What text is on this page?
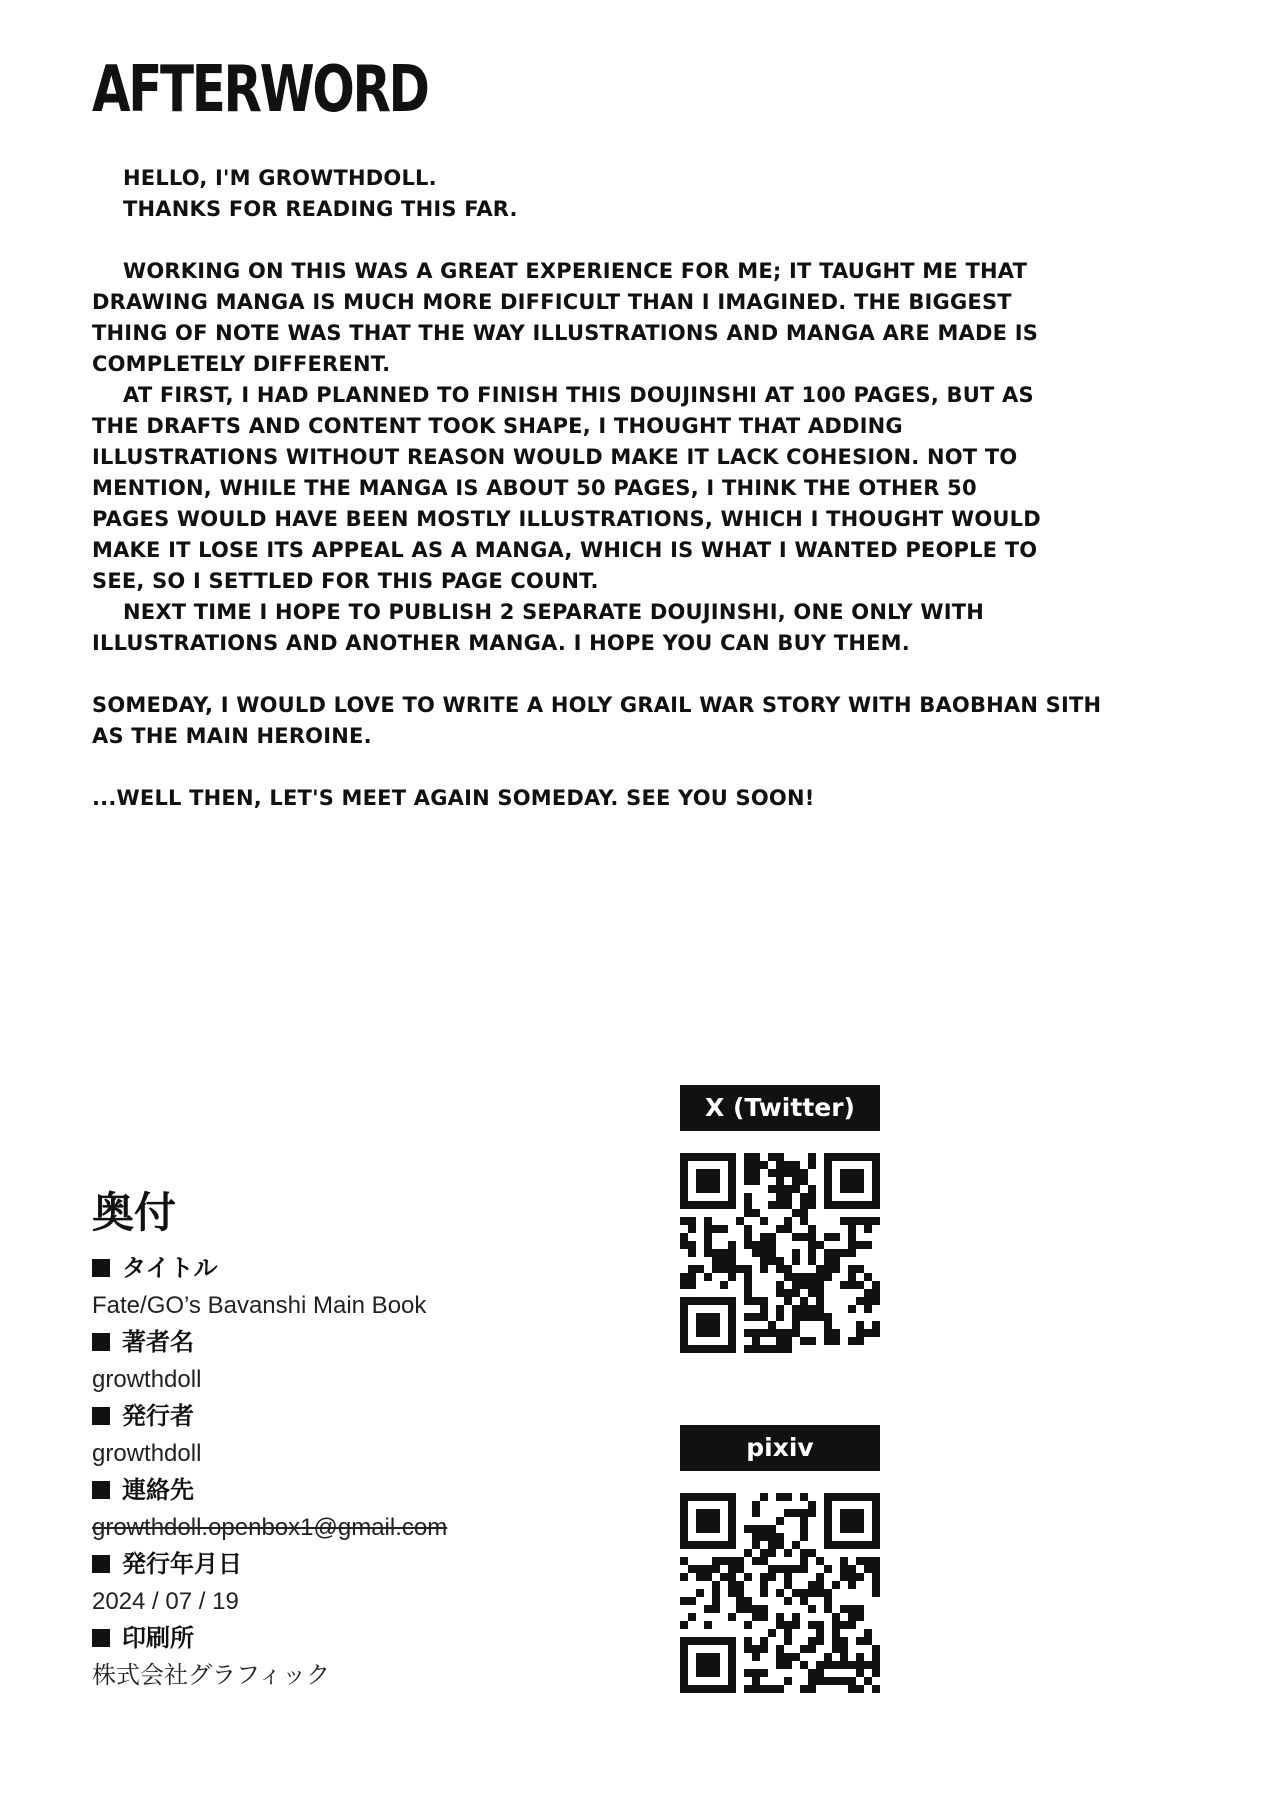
AFTERWORD

HELLO, I'M GROWTHDOLL.

THANKS FOR READING THIS FAR.

WORKING ON THIS WAS A GREAT EXPERIENCE FOR ME; IT TAUGHT ME THAT

DRAWING MANGA IS MUCH MORE DIFFICULT THAN I IMAGINED. THE BIGGEST

THING OF NOTE WAS THAT THE WAY ILLUSTRATIONS AND MANGA ARE MADE IS

COMPLETELY DIFFERENT.

AT FIRST, I HAD PLANNED TO FINISH THIS DOUJINSHI AT 100 PAGES, BUT AS

THE DRAFTS AND CONTENT TOOK SHAPE, I THOUGHT THAT ADDING

ILLUSTRATIONS WITHOUT REASON WOULD MAKE IT LACK COHESION. NOT TO

MENTION, WHILE THE MANGA IS ABOUT 50 PAGES, I THINK THE OTHER 50

PAGES WOULD HAVE BEEN MOSTLY ILLUSTRATIONS, WHICH I THOUGHT WOULD

MAKE IT LOSE ITS APPEAL AS A MANGA, WHICH IS WHAT I WANTED PEOPLE TO

SEE, SO I SETTLED FOR THIS PAGE COUNT.

NEXT TIME I HOPE TO PUBLISH 2 SEPARATE DOUJINSHI, ONE ONLY WITH

ILLUSTRATIONS AND ANOTHER MANGA. I HOPE YOU CAN BUY THEM.

SOMEDAY, I WOULD LOVE TO WRITE A HOLY GRAIL WAR STORY WITH BAOBHAN SITH

AS THE MAIN HEROINE.

...WELL THEN, LET'S MEET AGAIN SOMEDAY. SEE YOU SOON!

奥付
タイトル
Fate/GO’s Bavanshi Main Book
著者名
growthdoll
発行者
growthdoll
連絡先
growthdoll.openbox1@gmail.com
発行年月日
2024 / 07 / 19
印刷所
株式会社グラフィック
X (Twitter)
pixiv
